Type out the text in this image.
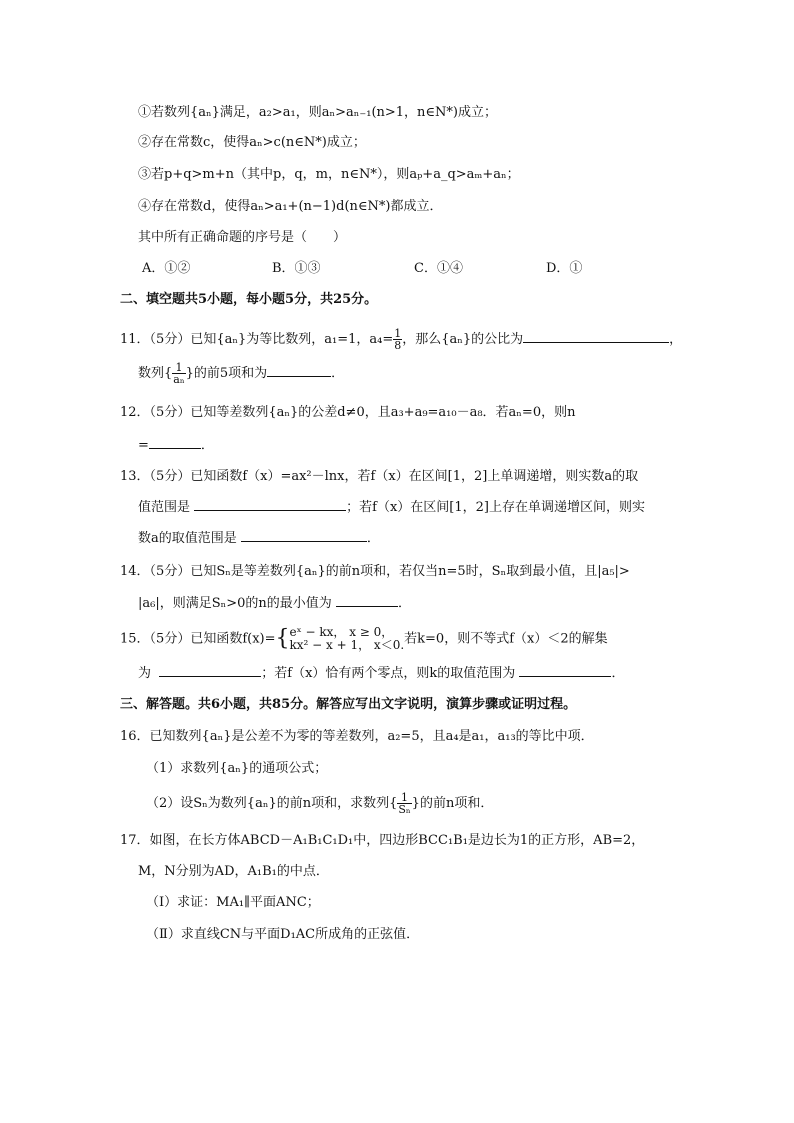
①若数列{aₙ}满足，a₂>a₁，则aₙ>aₙ₋₁(n>1，n∈N*)成立；
②存在常数c，使得aₙ>c(n∈N*)成立；
③若p+q>m+n（其中p，q，m，n∈N*），则aₚ+a_q>aₘ+aₙ；
④存在常数d，使得aₙ>a₁+(n−1)d(n∈N*)都成立．
其中所有正确命题的序号是（　　）
A．①②	B．①③	C．①④	D．①
二、填空题共5小题，每小题5分，共25分。
11．（5分）已知{aₙ}为等比数列，a₁=1，$a_4= \frac{1}{8}$ ，那么{aₙ}的公比为	，
数列{ $\frac{1}{\text{aₙ}}$ }的前5项和为	．
12．（5分）已知等差数列{aₙ}的公差d≠0，且a₃+a₉=a₁₀－a₈．若aₙ=0，则n
=	．
13．（5分）已知函数f（x）=ax²－lnx，若f（x）在区间[1，2]上单调递增，则实数a的取
值范围是	；若f（x）在区间[1，2]上存在单调递增区间，则实
数a的取值范围是	．
14．（5分）已知Sₙ是等差数列{aₙ}的前n项和，若仅当n=5时，Sₙ取到最小值，且|a₅|>
|a₆|，则满足Sₙ>0的n的最小值为	．
15．（5分）已知函数f(x)={ eˣ − kx， x ≥ 0，
kx² − x + 1， x＜0. 若k=0，则不等式f（x）＜2的解集
为	；若f（x）恰有两个零点，则k的取值范围为	．
三、解答题。共6小题，共85分。解答应写出文字说明，演算步骤或证明过程。
16．已知数列{aₙ}是公差不为零的等差数列，a₂=5，且a₄是a₁，a₁₃的等比中项．
（1）求数列{aₙ}的通项公式；
（2）设Sₙ为数列{aₙ}的前n项和，求数列{ $\frac{1}{\text{Sₙ}}$ }的前n项和．
17．如图，在长方体ABCD－A₁B₁C₁D₁中，四边形BCC₁B₁是边长为1的正方形，AB=2，
M，N分别为AD，A₁B₁的中点．
（Ⅰ）求证：MA₁∥平面ANC；
（Ⅱ）求直线CN与平面D₁AC所成角的正弦值．
